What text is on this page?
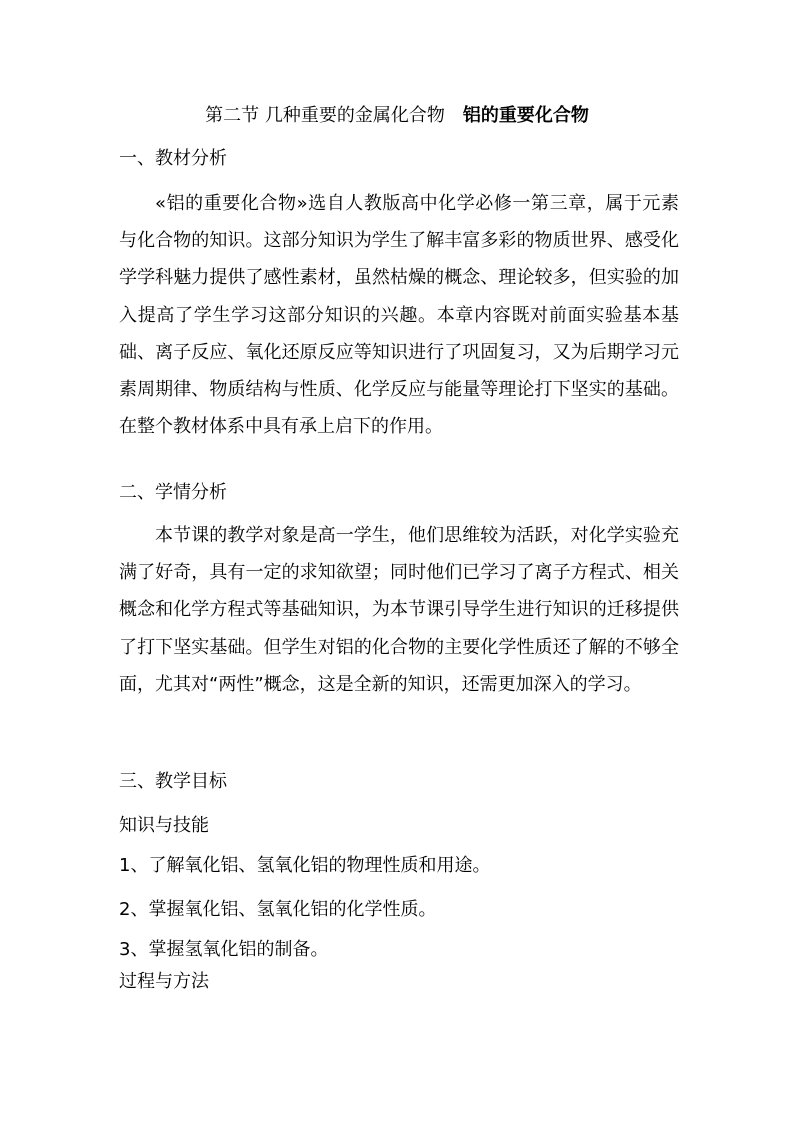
第二节 几种重要的金属化合物 铝的重要化合物
一、教材分析
«铝的重要化合物»选自人教版高中化学必修一第三章，属于元素与化合物的知识。这部分知识为学生了解丰富多彩的物质世界、感受化学学科魅力提供了感性素材，虽然枯燥的概念、理论较多，但实验的加入提高了学生学习这部分知识的兴趣。本章内容既对前面实验基本基础、离子反应、氧化还原反应等知识进行了巩固复习，又为后期学习元素周期律、物质结构与性质、化学反应与能量等理论打下坚实的基础。在整个教材体系中具有承上启下的作用。
二、学情分析
本节课的教学对象是高一学生，他们思维较为活跃，对化学实验充满了好奇，具有一定的求知欲望；同时他们已学习了离子方程式、相关概念和化学方程式等基础知识，为本节课引导学生进行知识的迁移提供了打下坚实基础。但学生对铝的化合物的主要化学性质还了解的不够全面，尤其对“两性”概念，这是全新的知识，还需更加深入的学习。
三、教学目标
知识与技能
1、了解氧化铝、氢氧化铝的物理性质和用途。
2、掌握氧化铝、氢氧化铝的化学性质。
3、掌握氢氧化铝的制备。
过程与方法
